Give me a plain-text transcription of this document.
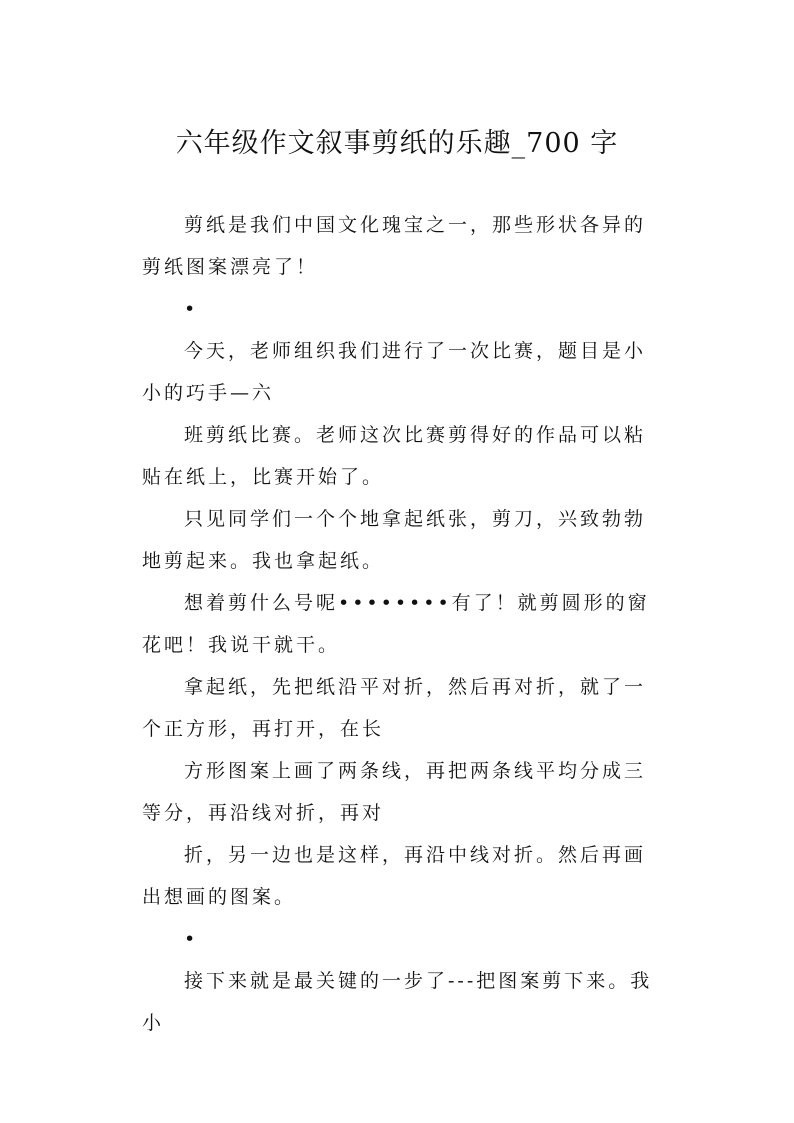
六年级作文叙事剪纸的乐趣_700 字

剪纸是我们中国文化瑰宝之一，那些形状各异的剪纸图案漂亮了！

•

今天，老师组织我们进行了一次比赛，题目是小小的巧手—六

班剪纸比赛。老师这次比赛剪得好的作品可以粘贴在纸上，比赛开始了。

只见同学们一个个地拿起纸张，剪刀，兴致勃勃地剪起来。我也拿起纸。

想着剪什么号呢••••••••有了！就剪圆形的窗花吧！我说干就干。

拿起纸，先把纸沿平对折，然后再对折，就了一个正方形，再打开，在长

方形图案上画了两条线，再把两条线平均分成三等分，再沿线对折，再对

折，另一边也是这样，再沿中线对折。然后再画出想画的图案。

•

接下来就是最关键的一步了---把图案剪下来。我小
